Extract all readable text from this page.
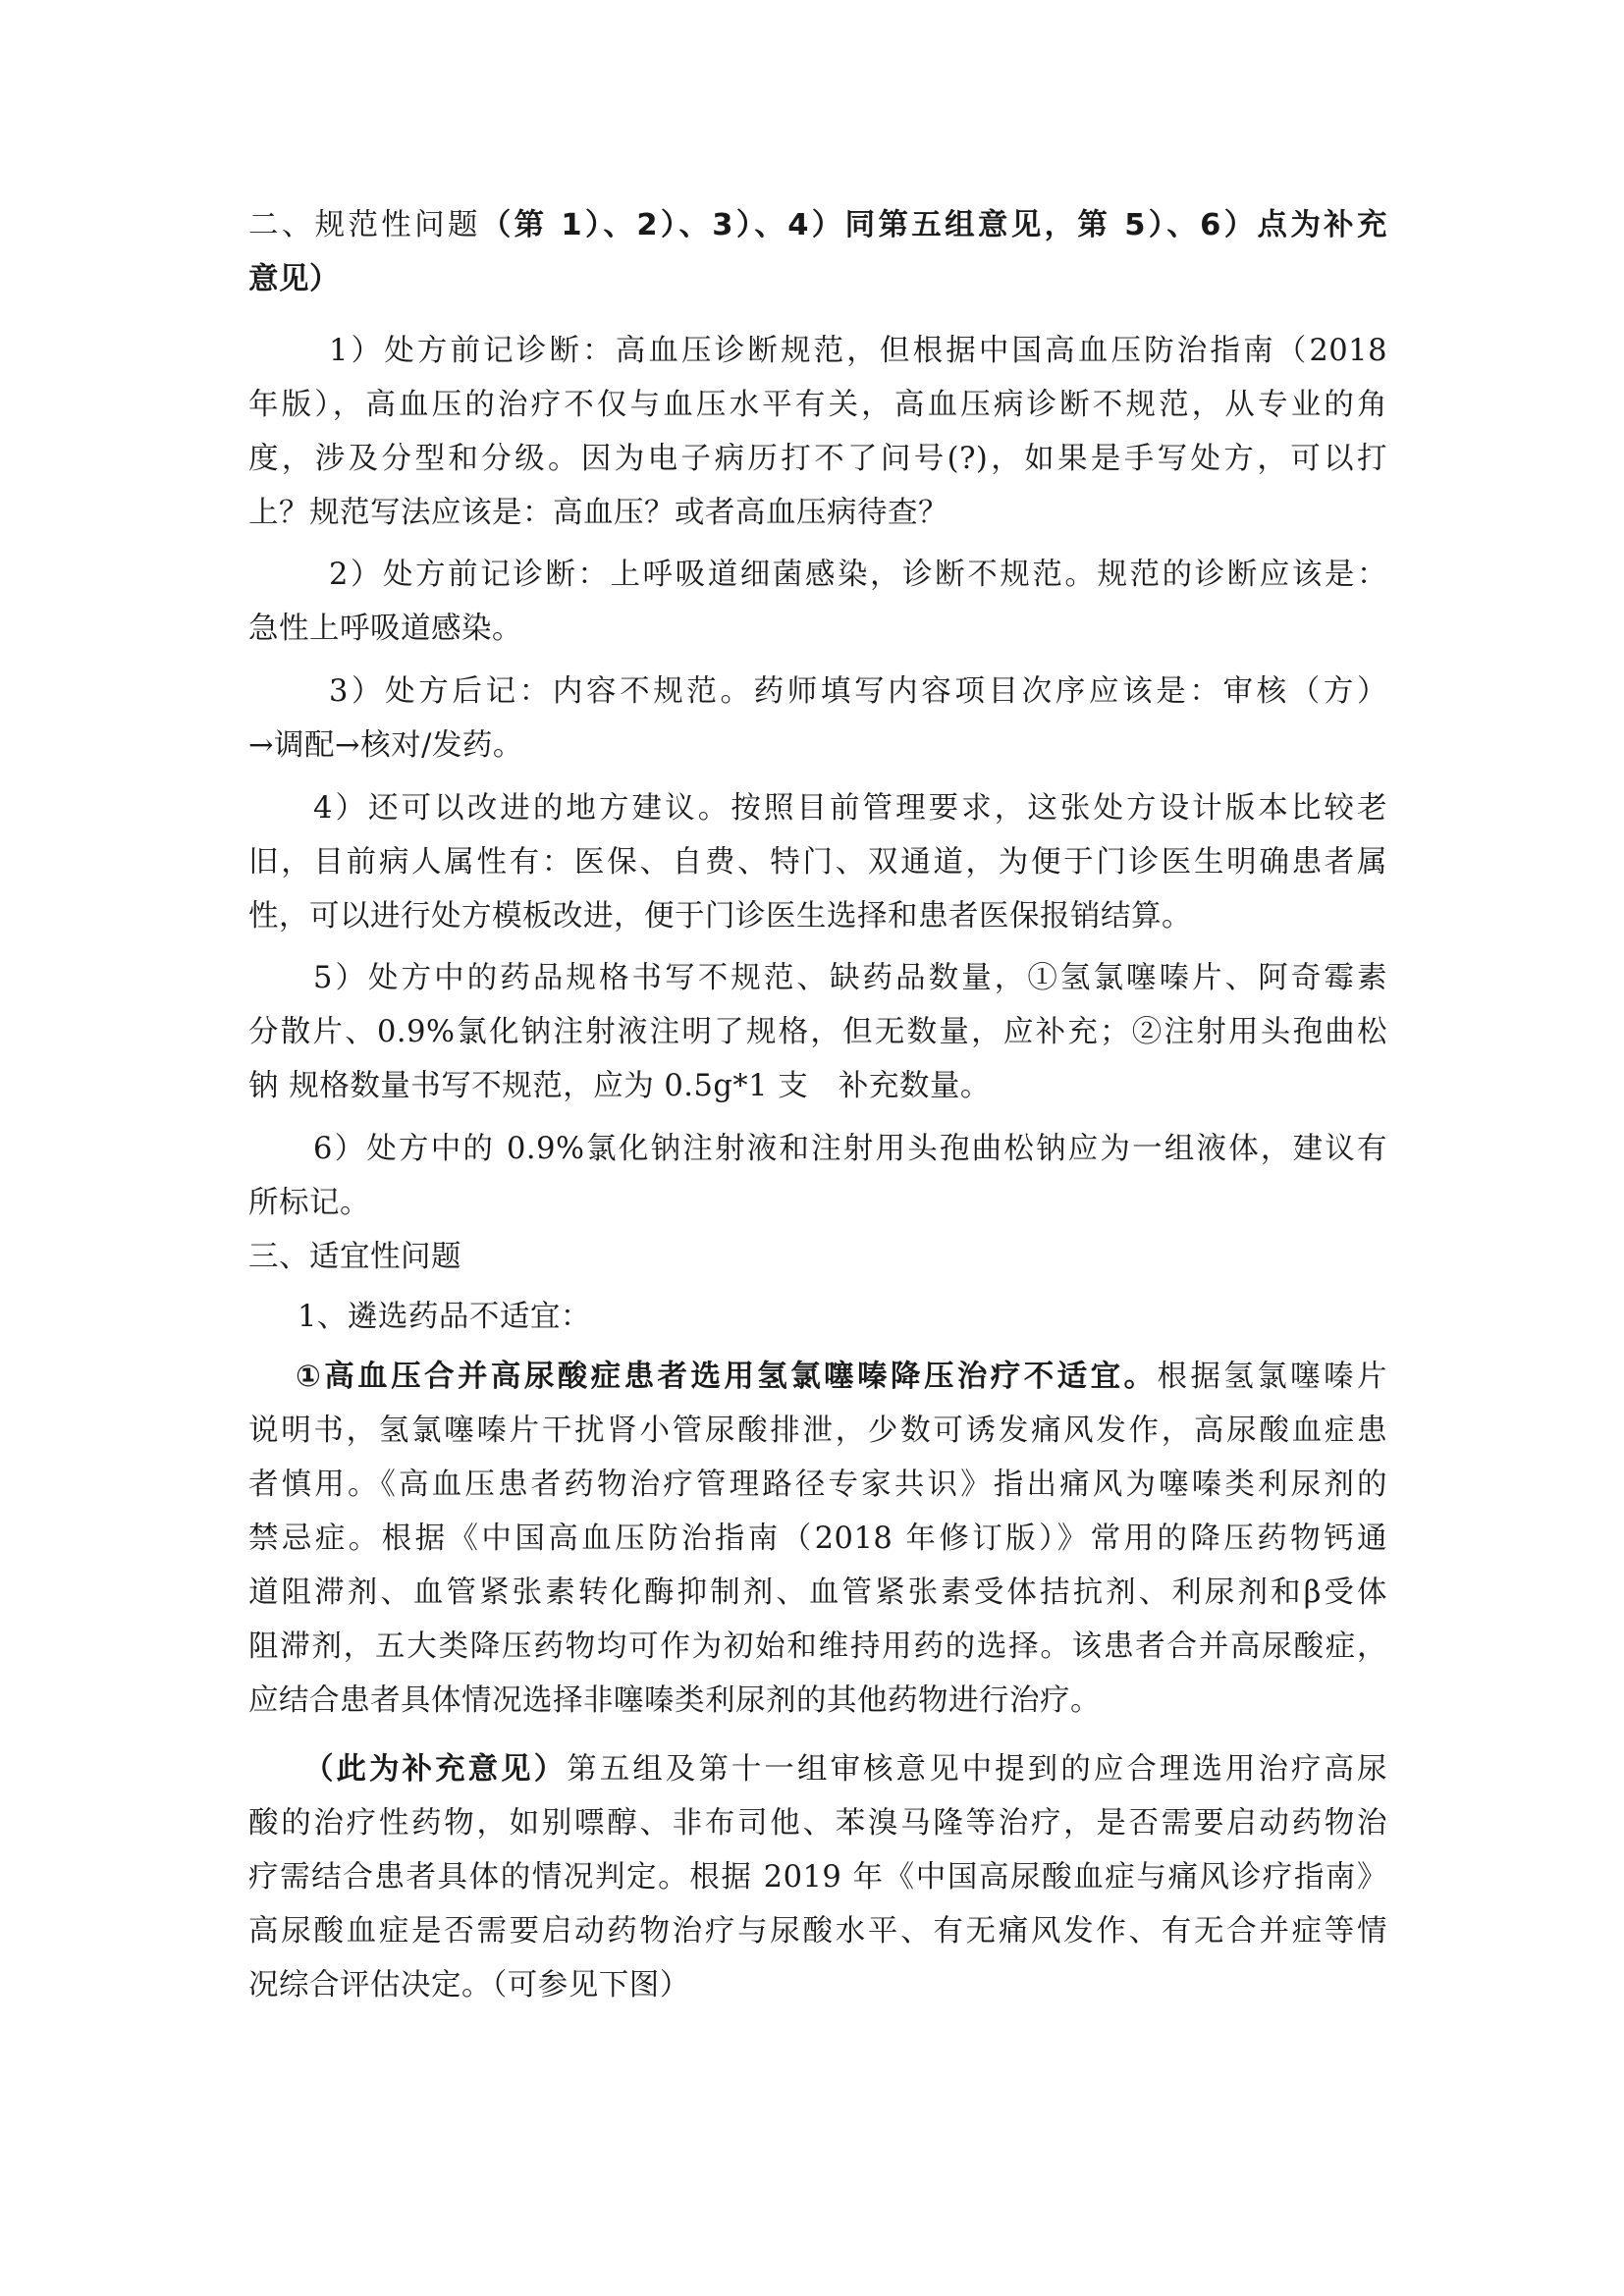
二、规范性问题（第 1）、2）、3）、4）同第五组意见，第 5）、6）点为补充
意见）
1）处方前记诊断：高血压诊断规范，但根据中国高血压防治指南（2018
年版），高血压的治疗不仅与血压水平有关，高血压病诊断不规范，从专业的角
度，涉及分型和分级。因为电子病历打不了问号(?)，如果是手写处方，可以打
上？规范写法应该是：高血压？或者高血压病待查？
2）处方前记诊断：上呼吸道细菌感染，诊断不规范。规范的诊断应该是：
急性上呼吸道感染。
3）处方后记：内容不规范。药师填写内容项目次序应该是：审核（方）
→调配→核对/发药。
4）还可以改进的地方建议。按照目前管理要求，这张处方设计版本比较老
旧，目前病人属性有：医保、自费、特门、双通道，为便于门诊医生明确患者属
性，可以进行处方模板改进，便于门诊医生选择和患者医保报销结算。
5）处方中的药品规格书写不规范、缺药品数量，①氢氯噻嗪片、阿奇霉素
分散片、0.9%氯化钠注射液注明了规格，但无数量，应补充；②注射用头孢曲松
钠 规格数量书写不规范，应为 0.5g*1 支   补充数量。
6）处方中的 0.9%氯化钠注射液和注射用头孢曲松钠应为一组液体，建议有
所标记。
三、适宜性问题
1、遴选药品不适宜：
①高血压合并高尿酸症患者选用氢氯噻嗪降压治疗不适宜。根据氢氯噻嗪片
说明书，氢氯噻嗪片干扰肾小管尿酸排泄，少数可诱发痛风发作，高尿酸血症患
者慎用。《高血压患者药物治疗管理路径专家共识》指出痛风为噻嗪类利尿剂的
禁忌症。根据《中国高血压防治指南（2018 年修订版）》常用的降压药物钙通
道阻滞剂、血管紧张素转化酶抑制剂、血管紧张素受体拮抗剂、利尿剂和β受体
阻滞剂，五大类降压药物均可作为初始和维持用药的选择。该患者合并高尿酸症，
应结合患者具体情况选择非噻嗪类利尿剂的其他药物进行治疗。
（此为补充意见）第五组及第十一组审核意见中提到的应合理选用治疗高尿
酸的治疗性药物，如别嘌醇、非布司他、苯溴马隆等治疗，是否需要启动药物治
疗需结合患者具体的情况判定。根据 2019 年《中国高尿酸血症与痛风诊疗指南》
高尿酸血症是否需要启动药物治疗与尿酸水平、有无痛风发作、有无合并症等情
况综合评估决定。（可参见下图）
